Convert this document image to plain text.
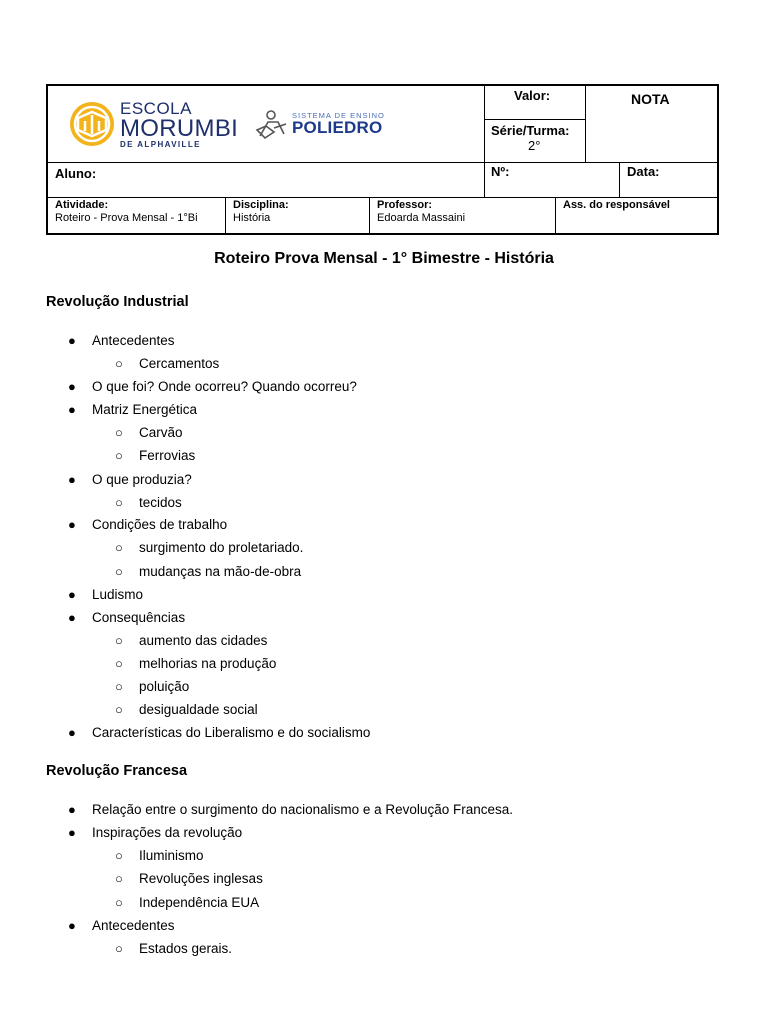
ESCOLA
MORUMBI
DE ALPHAVILLE
SISTEMA DE ENSINO
POLIEDRO
Valor:	NOTA
Série/Turma:
2°
Aluno:	Nº:	Data:
Atividade:
Roteiro - Prova Mensal - 1°Bi
Disciplina:
História
Professor:
Edoarda Massaini
Ass. do responsável
Roteiro Prova Mensal - 1° Bimestre - História
Revolução Industrial
● Antecedentes
○ Cercamentos
● O que foi? Onde ocorreu? Quando ocorreu?
● Matriz Energética
○ Carvão
○ Ferrovias
● O que produzia?
○ tecidos
● Condições de trabalho
○ surgimento do proletariado.
○ mudanças na mão-de-obra
● Ludismo
● Consequências
○ aumento das cidades
○ melhorias na produção
○ poluição
○ desigualdade social
● Características do Liberalismo e do socialismo
Revolução Francesa
● Relação entre o surgimento do nacionalismo e a Revolução Francesa.
● Inspirações da revolução
○ Iluminismo
○ Revoluções inglesas
○ Independência EUA
● Antecedentes
○ Estados gerais.
